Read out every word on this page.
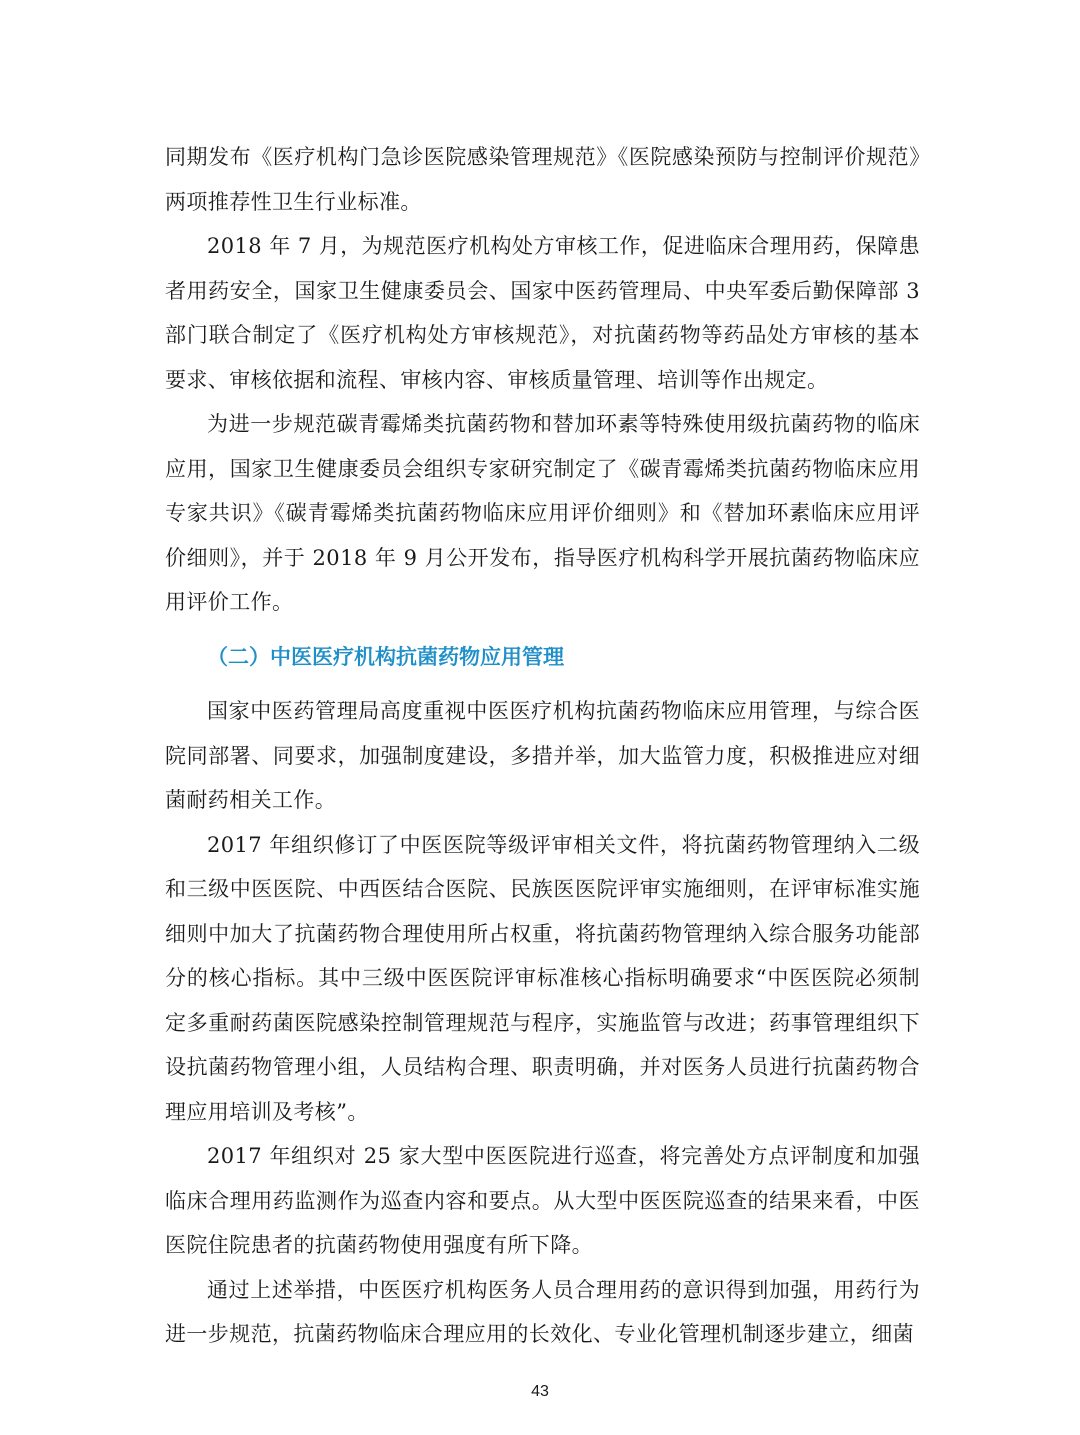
同期发布《医疗机构门急诊医院感染管理规范》《医院感染预防与控制评价规范》两项推荐性卫生行业标准。

2018 年 7 月，为规范医疗机构处方审核工作，促进临床合理用药，保障患者用药安全，国家卫生健康委员会、国家中医药管理局、中央军委后勤保障部 3 部门联合制定了《医疗机构处方审核规范》，对抗菌药物等药品处方审核的基本要求、审核依据和流程、审核内容、审核质量管理、培训等作出规定。

为进一步规范碳青霉烯类抗菌药物和替加环素等特殊使用级抗菌药物的临床应用，国家卫生健康委员会组织专家研究制定了《碳青霉烯类抗菌药物临床应用专家共识》《碳青霉烯类抗菌药物临床应用评价细则》和《替加环素临床应用评价细则》，并于 2018 年 9 月公开发布，指导医疗机构科学开展抗菌药物临床应用评价工作。

（二）中医医疗机构抗菌药物应用管理

国家中医药管理局高度重视中医医疗机构抗菌药物临床应用管理，与综合医院同部署、同要求，加强制度建设，多措并举，加大监管力度，积极推进应对细菌耐药相关工作。

2017 年组织修订了中医医院等级评审相关文件，将抗菌药物管理纳入二级和三级中医医院、中西医结合医院、民族医医院评审实施细则，在评审标准实施细则中加大了抗菌药物合理使用所占权重，将抗菌药物管理纳入综合服务功能部分的核心指标。其中三级中医医院评审标准核心指标明确要求“中医医院必须制定多重耐药菌医院感染控制管理规范与程序，实施监管与改进；药事管理组织下设抗菌药物管理小组，人员结构合理、职责明确，并对医务人员进行抗菌药物合理应用培训及考核”。

2017 年组织对 25 家大型中医医院进行巡查，将完善处方点评制度和加强临床合理用药监测作为巡查内容和要点。从大型中医医院巡查的结果来看，中医医院住院患者的抗菌药物使用强度有所下降。

通过上述举措，中医医疗机构医务人员合理用药的意识得到加强，用药行为进一步规范，抗菌药物临床合理应用的长效化、专业化管理机制逐步建立，细菌

43
